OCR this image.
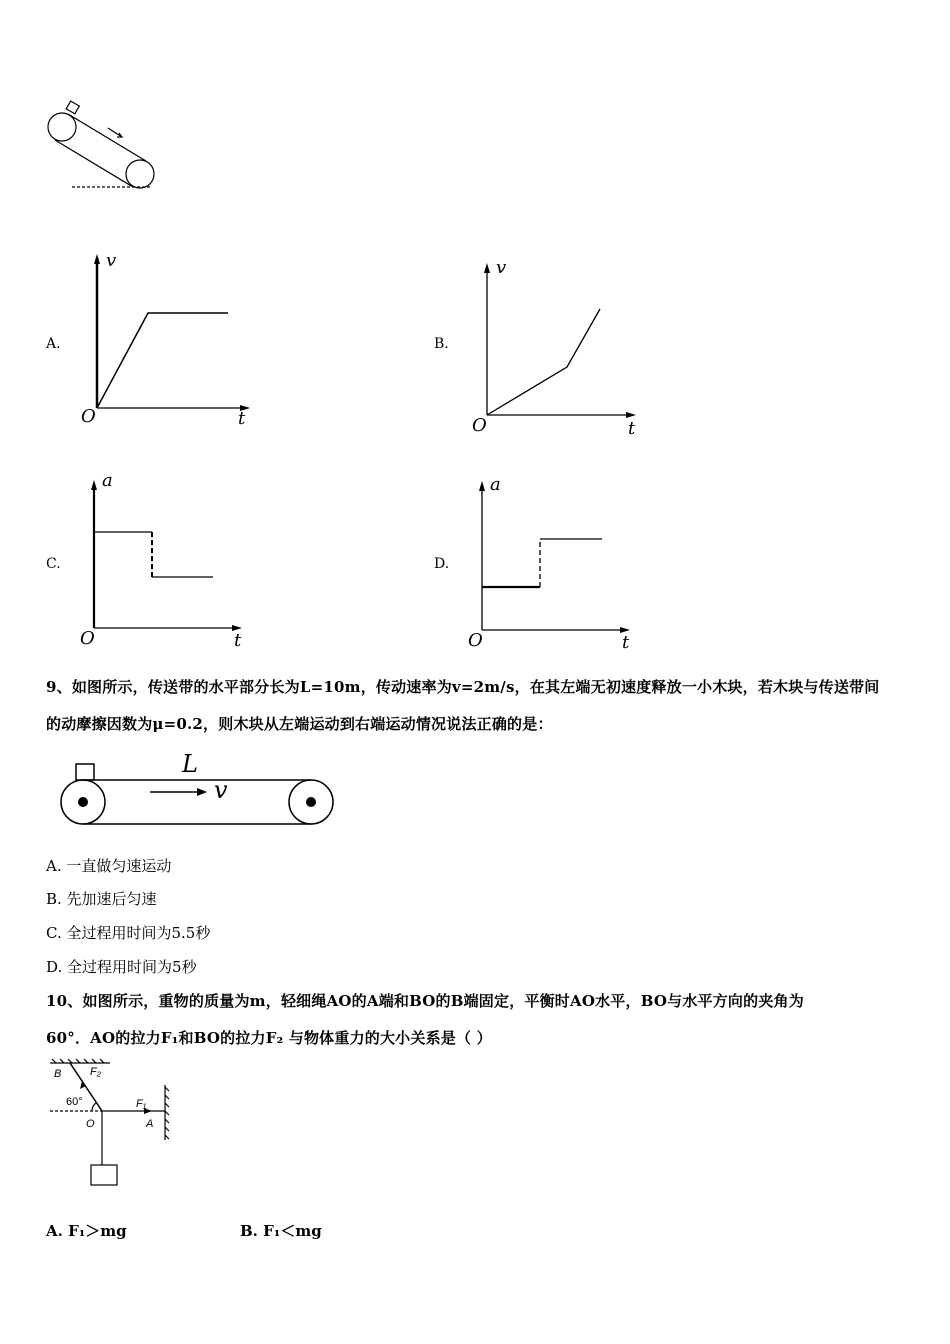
A.
v
t
O
B.
v
t
O
C.
a
t
O
D.
a
t
O
9、如图所示，传送带的水平部分长为L=10m，传动速率为v=2m/s，在其左端无初速度释放一小木块，若木块与传送带间
的动摩擦因数为μ=0.2，则木块从左端运动到右端运动情况说法正确的是：
L
v
A. 一直做匀速运动
B. 先加速后匀速
C. 全过程用时间为5.5秒
D. 全过程用时间为5秒
10、如图所示，重物的质量为m，轻细绳AO的A端和BO的B端固定，平衡时AO水平，BO与水平方向的夹角为
60°．AO的拉力F₁和BO的拉力F₂ 与物体重力的大小关系是（ ）
B	F₂
60°	F₁
O	A
A. F₁＞mg	B. F₁＜mg
